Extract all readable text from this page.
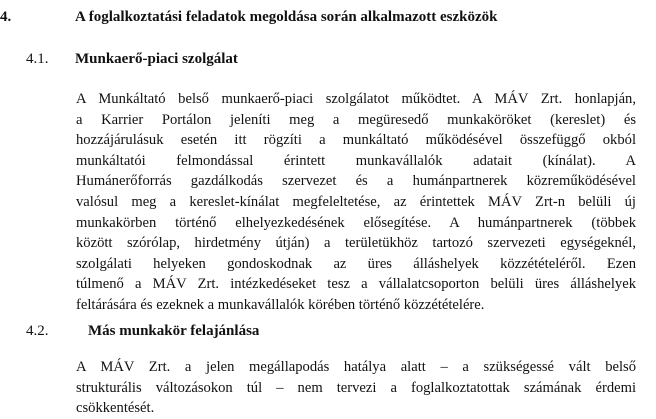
4.	A foglalkoztatási feladatok megoldása során alkalmazott eszközök
4.1. Munkaerő-piaci szolgálat
A Munkáltató belső munkaerő-piaci szolgálatot működtet. A MÁV Zrt. honlapján,
a Karrier Portálon jeleníti meg a megüresedő munkaköröket (kereslet) és
hozzájárulásuk esetén itt rögzíti a munkáltató működésével összefüggő okból
munkáltatói felmondással érintett munkavállalók adatait (kínálat). A
Humánerőforrás gazdálkodás szervezet és a humánpartnerek közreműködésével
valósul meg a kereslet-kínálat megfeleltetése, az érintettek MÁV Zrt-n belüli új
munkakörben történő elhelyezkedésének elősegítése. A humánpartnerek (többek
között szórólap, hirdetmény útján) a területükhöz tartozó szervezeti egységeknél,
szolgálati helyeken gondoskodnak az üres álláshelyek közzétételéről. Ezen
túlmenő a MÁV Zrt. intézkedéseket tesz a vállalatcsoporton belüli üres álláshelyek
feltárására és ezeknek a munkavállalók körében történő közzétételére.
4.2.	Más munkakör felajánlása
A MÁV Zrt. a jelen megállapodás hatálya alatt – a szükségessé vált belső
strukturális változásokon túl – nem tervezi a foglalkoztatottak számának érdemi
csökkentését.
